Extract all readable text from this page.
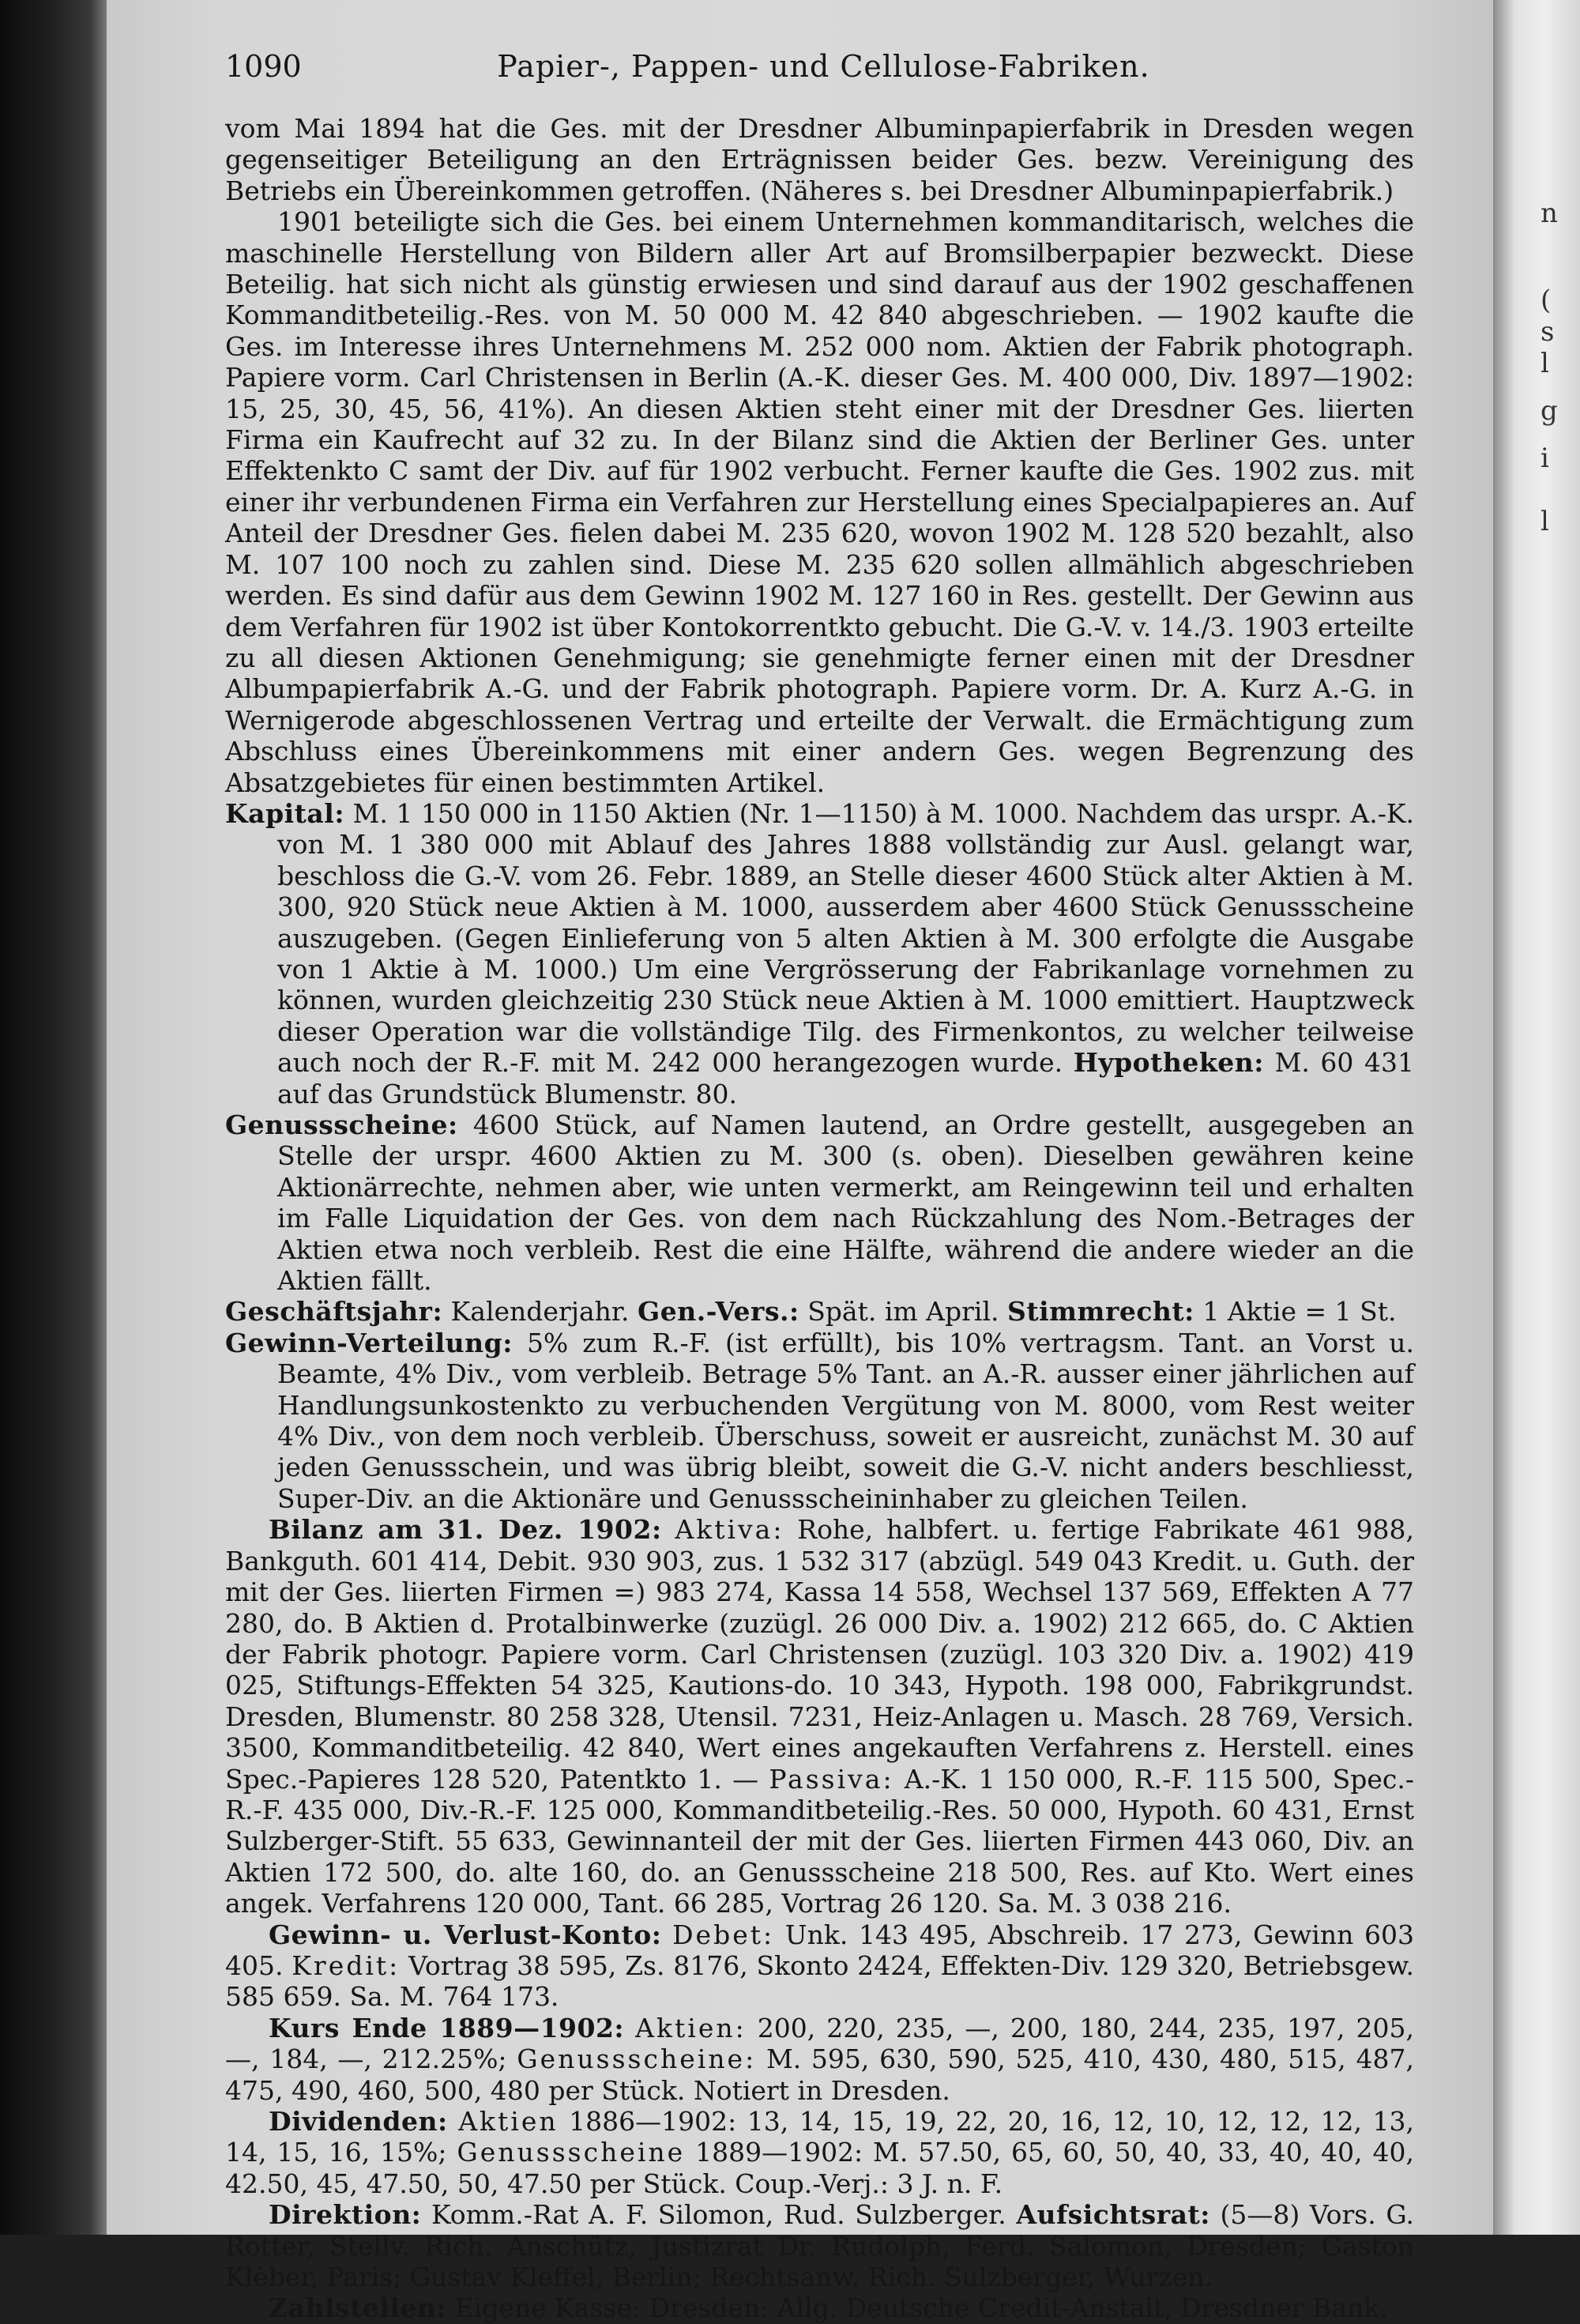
1090	Papier-, Pappen- und Cellulose-Fabriken.

vom Mai 1894 hat die Ges. mit der Dresdner Albuminpapierfabrik in Dresden wegen gegenseitiger Beteiligung an den Erträgnissen beider Ges. bezw. Vereinigung des Betriebs ein Übereinkommen getroffen. (Näheres s. bei Dresdner Albuminpapierfabrik.)

1901 beteiligte sich die Ges. bei einem Unternehmen kommanditarisch, welches die maschinelle Herstellung von Bildern aller Art auf Bromsilberpapier bezweckt. Diese Beteilig. hat sich nicht als günstig erwiesen und sind darauf aus der 1902 geschaffenen Kommanditbeteilig.-Res. von M. 50 000 M. 42 840 abgeschrieben. — 1902 kaufte die Ges. im Interesse ihres Unternehmens M. 252 000 nom. Aktien der Fabrik photograph. Papiere vorm. Carl Christensen in Berlin (A.-K. dieser Ges. M. 400 000, Div. 1897—1902: 15, 25, 30, 45, 56, 41%). An diesen Aktien steht einer mit der Dresdner Ges. liierten Firma ein Kaufrecht auf 32 zu. In der Bilanz sind die Aktien der Berliner Ges. unter Effektenkto C samt der Div. auf für 1902 verbucht. Ferner kaufte die Ges. 1902 zus. mit einer ihr verbundenen Firma ein Verfahren zur Herstellung eines Specialpapieres an. Auf Anteil der Dresdner Ges. fielen dabei M. 235 620, wovon 1902 M. 128 520 bezahlt, also M. 107 100 noch zu zahlen sind. Diese M. 235 620 sollen allmählich abgeschrieben werden. Es sind dafür aus dem Gewinn 1902 M. 127 160 in Res. gestellt. Der Gewinn aus dem Verfahren für 1902 ist über Kontokorrentkto gebucht. Die G.-V. v. 14./3. 1903 erteilte zu all diesen Aktionen Genehmigung; sie genehmigte ferner einen mit der Dresdner Albumpapierfabrik A.-G. und der Fabrik photograph. Papiere vorm. Dr. A. Kurz A.-G. in Wernigerode abgeschlossenen Vertrag und erteilte der Verwalt. die Ermächtigung zum Abschluss eines Übereinkommens mit einer andern Ges. wegen Begrenzung des Absatzgebietes für einen bestimmten Artikel.

Kapital: M. 1 150 000 in 1150 Aktien (Nr. 1—1150) à M. 1000. Nachdem das urspr. A.-K. von M. 1 380 000 mit Ablauf des Jahres 1888 vollständig zur Ausl. gelangt war, beschloss die G.-V. vom 26. Febr. 1889, an Stelle dieser 4600 Stück alter Aktien à M. 300, 920 Stück neue Aktien à M. 1000, ausserdem aber 4600 Stück Genussscheine auszugeben. (Gegen Einlieferung von 5 alten Aktien à M. 300 erfolgte die Ausgabe von 1 Aktie à M. 1000.) Um eine Vergrösserung der Fabrikanlage vornehmen zu können, wurden gleichzeitig 230 Stück neue Aktien à M. 1000 emittiert. Hauptzweck dieser Operation war die vollständige Tilg. des Firmenkontos, zu welcher teilweise auch noch der R.-F. mit M. 242 000 herangezogen wurde. Hypotheken: M. 60 431 auf das Grundstück Blumenstr. 80.

Genussscheine: 4600 Stück, auf Namen lautend, an Ordre gestellt, ausgegeben an Stelle der urspr. 4600 Aktien zu M. 300 (s. oben). Dieselben gewähren keine Aktionärrechte, nehmen aber, wie unten vermerkt, am Reingewinn teil und erhalten im Falle Liquidation der Ges. von dem nach Rückzahlung des Nom.-Betrages der Aktien etwa noch verbleib. Rest die eine Hälfte, während die andere wieder an die Aktien fällt.

Geschäftsjahr: Kalenderjahr. Gen.-Vers.: Spät. im April. Stimmrecht: 1 Aktie = 1 St.

Gewinn-Verteilung: 5% zum R.-F. (ist erfüllt), bis 10% vertragsm. Tant. an Vorst u. Beamte, 4% Div., vom verbleib. Betrage 5% Tant. an A.-R. ausser einer jährlichen auf Handlungsunkostenkto zu verbuchenden Vergütung von M. 8000, vom Rest weiter 4% Div., von dem noch verbleib. Überschuss, soweit er ausreicht, zunächst M. 30 auf jeden Genussschein, und was übrig bleibt, soweit die G.-V. nicht anders beschliesst, Super-Div. an die Aktionäre und Genussscheininhaber zu gleichen Teilen.

Bilanz am 31. Dez. 1902: Aktiva: Rohe, halbfert. u. fertige Fabrikate 461 988, Bankguth. 601 414, Debit. 930 903, zus. 1 532 317 (abzügl. 549 043 Kredit. u. Guth. der mit der Ges. liierten Firmen =) 983 274, Kassa 14 558, Wechsel 137 569, Effekten A 77 280, do. B Aktien d. Protalbinwerke (zuzügl. 26 000 Div. a. 1902) 212 665, do. C Aktien der Fabrik photogr. Papiere vorm. Carl Christensen (zuzügl. 103 320 Div. a. 1902) 419 025, Stiftungs-Effekten 54 325, Kautions-do. 10 343, Hypoth. 198 000, Fabrikgrundst. Dresden, Blumenstr. 80 258 328, Utensil. 7231, Heiz-Anlagen u. Masch. 28 769, Versich. 3500, Kommanditbeteilig. 42 840, Wert eines angekauften Verfahrens z. Herstell. eines Spec.-Papieres 128 520, Patentkto 1. — Passiva: A.-K. 1 150 000, R.-F. 115 500, Spec.-R.-F. 435 000, Div.-R.-F. 125 000, Kommanditbeteilig.-Res. 50 000, Hypoth. 60 431, Ernst Sulzberger-Stift. 55 633, Gewinnanteil der mit der Ges. liierten Firmen 443 060, Div. an Aktien 172 500, do. alte 160, do. an Genussscheine 218 500, Res. auf Kto. Wert eines angek. Verfahrens 120 000, Tant. 66 285, Vortrag 26 120. Sa. M. 3 038 216.

Gewinn- u. Verlust-Konto: Debet: Unk. 143 495, Abschreib. 17 273, Gewinn 603 405. Kredit: Vortrag 38 595, Zs. 8176, Skonto 2424, Effekten-Div. 129 320, Betriebsgew. 585 659. Sa. M. 764 173.

Kurs Ende 1889—1902: Aktien: 200, 220, 235, —, 200, 180, 244, 235, 197, 205, —, 184, —, 212.25%; Genussscheine: M. 595, 630, 590, 525, 410, 430, 480, 515, 487, 475, 490, 460, 500, 480 per Stück. Notiert in Dresden.

Dividenden: Aktien 1886—1902: 13, 14, 15, 19, 22, 20, 16, 12, 10, 12, 12, 12, 13, 14, 15, 16, 15%; Genussscheine 1889—1902: M. 57.50, 65, 60, 50, 40, 33, 40, 40, 40, 42.50, 45, 47.50, 50, 47.50 per Stück. Coup.-Verj.: 3 J. n. F.

Direktion: Komm.-Rat A. F. Silomon, Rud. Sulzberger. Aufsichtsrat: (5—8) Vors. G. Rotter, Stellv. Rich. Anschütz, Justizrat Dr. Rudolph, Ferd. Salomon, Dresden; Gaston Klèber, Paris; Gustav Kleffel, Berlin; Rechtsanw. Rich. Sulzberger, Wurzen.

Zahlstellen: Eigene Kasse: Dresden: Allg. Deutsche Credit-Anstalt, Dresdner Bank.

n
(
s
l
g
i
l
